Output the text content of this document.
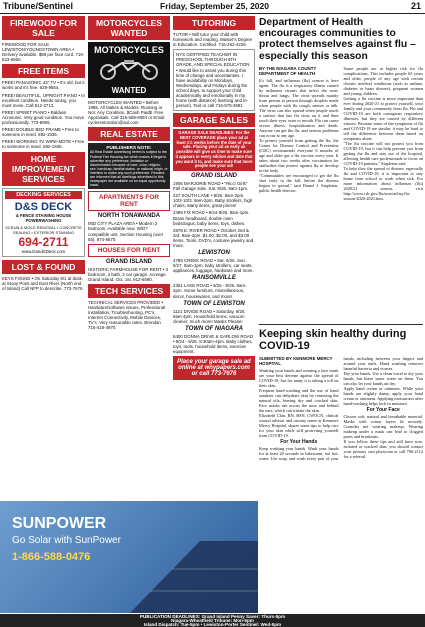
Tribune/Sentinel	Friday, September 25, 2020	21
FIREWOOD FOR SALE
FIREWOOD FOR SALE LEWISTON/YOUNGSTOWN AREA • Delivery available. $99 per face cord. 716-523-6660.
FREE ITEMS
FREE! PANASONIC 42" TV • It's old, but it works and it's free. 628-9654.
FREE! BEAUTIFUL, UPRIGHT PIANO • In excellent condition. Needs tuning, you must move. Call 512-2713.
FREE! SPINET PIANO • Baldwin Acrosonic. Very good condition. You move professionally. 773-8906.
FREE! DOUBLE BED FRAME • Free to someone in need. 692-1935.
FREE! WORKING TV WIRE-MOTE • Free to someone in need. 692-1935.
HOME IMPROVEMENT SERVICES
DECKING SERVICES
D&S DECK
& FENCE STAINING HOUSE POWERWASHING
SCRUB & MOLD REMOVAL • CONCRETE SEALING • EXTERIOR STAINING
694-2711
www.DandSDeck.com
LOST & FOUND
KEYS FOUND • On Saturday 8/1 at dusk, at Stony Point and East River (North end of Island) Call NFP to describe. 773-7676.
MOTORCYCLES WANTED
MOTORCYCLES
WANTED
MOTORCYCLES WANTED • Before 1985. All Makes & Models. Running or Not. Any Condition. $Cash Paid$. Free Appraisals. Call 315-569-8094 or Email cyclerestoration@aol.com
REAL ESTATE
PUBLISHERS NOTE:
All Real Estate advertising herein is subject to the Federal Fair Housing Act which makes it illegal to advertise any preference, limitation or discrimination because of race, color, religion, sex, handicap, familial status, or national origin, or intention to make any such preference. Readers are informed that all dwellings advertised in this newspaper are available on an equal opportunity basis.
APARTMENTS FOR RENT
NORTH TONAWANDA
MID CITY PLAZA AREA • Modern 2 bedroom. Available now. W/D? compatible unit. Section Housing (over 55). 874-6670.
HOUSES FOR RENT
GRAND ISLAND
HISTORIC FARMHOUSE FOR RENT • 3 bedroom, 2 bath, 2 car garage. Acreage. Grand Island. Oct. 1st. 912-6590.
TECH SERVICES
TECHNICAL SERVICES PROVIDED • Hardware/software issues, Professional Installation, Troubleshooting, PC's, Internet Connectivity, Mobile Devices, TV's. Very reasonable rates. Brendan 716-418-4970.
TUTORING
TUTOR • Will tutor your child with homework and reading. Master's Degree in Education. Certified. 716-262-4226.
NYS CERTIFIED TEACHER IN PRESCHOOL THROUGH 6TH GRADE, AND SPECIAL EDUCATION • Would like to assist you during this time of change and uncertainties. I have availability on Mondays, Wednesdays, and Fridays during the school days, to support your child academically and emotionally in my home (with distance) learning and in-person). Text or call 716-579-3691
GARAGE SALES
GARAGE SALE DEADLINES: For the BEST COVERAGE place your ad at least 1½ weeks before the date of your sale. Placing your ad as early as possible will give us time to make sure it appears in every edition and date that you want it to, and make sure that more people see your ad!
GRAND ISLAND
1906 MARJORIE ROAD • "Ricci Girls" Fall Garage Sale. Sat. 9/26. 9am-1pm.
227 SOUTH LANE • 9/26. 9am-2pm. 10/2-10/3. 9am-2pm. Baby strollers, high chairs, Many items, great prices!
2499 FIX ROAD • 9/24-9/26. 9am-1pm. Brass headboard, double oven bedstragus, baby items, toys, dishes.
2878 E. RIVER ROAD • October 2nd & 3rd. 9am-2pm. $1.00, $2.00, and $3.00 items. Tools, DVD's, costume jewelry and more.
LEWISTON
4786 CREEK ROAD • Sat. 9/26. Sun. 9/27. 8am-1pm. baby strollers, car seats, appliances, luggage, hardware and more.
RANSOMVILLE
2351 LAKE ROAD • 9/25 - 9/26. 8am-2pm. Some furniture, miscellaneous, decor, housewares, and more!
TOWN OF LEWISTON
1121 DIVIDE ROAD • Saturday, 9/26. 9am-4pm. Household items, vacuum cleaner, much more! Masks Please!
TOWN OF NIAGARA
8400 DONNA DRIVE & GARLOW ROAD • 9/24 - 9/26. 8:30am-4pm. Baby clothes, toys, tools, household items, exercise equipment.
Place your garage sale ad online at wnypapers.com or call 773-7676
SUNPOWER
Go Solar with SunPower
1-866-588-0476
Department of Health encourages communities to protect themselves against flu – especially this season
BY THE NIAGARA COUNTY DEPARTMENT OF HEALTH

It's fall, and influenza (flu) season is here again. The flu is a respiratory illness caused by influenza viruses that infect the nose, throat and lungs. The virus spreads mainly from person to person through droplets made when people with flu cough, sneeze or talk. The virus can also spread when people touch a surface that has flu virus on it and then touch their eyes, nose or mouth. Flu can cause severe illness, hospitalization and death. Anyone can get the flu, and serious problems can occur at any age.

To protect yourself from getting the flu, the Center for Disease Control and Prevention (CDC) recommends everyone 6 months of age and older get a flu vaccine every year. It takes about two weeks after vaccination for antibodies that protect against flu to develop in the body.

"Communities are encouraged to get the flu shot early in the fall, before the disease begins to spread," said Daniel J. Stapleton, public health director.

Some people are at higher risk for flu complications. This includes people 65 years and older, people of any age with certain chronic medical conditions (such as asthma, diabetes or heart disease), pregnant women and young children.

Getting a flu vaccine is more important than ever during 2020-21 to protect yourself, your family and your community from flu. Flu and COVID-19 are both contagious respiratory illnesses, but they are caused by different viruses. Because some of the symptoms of flu and COVID-19 are similar, it may be hard to tell the difference between them based on symptoms alone.

"The flu vaccine will not protect you from COVID-19, but it can help prevent you from getting the flu and stay out of the hospital, allowing health care professionals to focus on COVID-19 patients," Stapleton said.

To help slow the spread of disease, especially flu and COVID-19, it is important to stay home from school or work when sick. For more information about influenza (flu) 2020/21 season, visit http://www.cdc.gov/flu/season/faq-flu-season-2020-2021.htm.

Keeping skin healthy during COVID-19
SUBMITTED BY KENMORE MERCY HOSPITAL

Washing your hands and wearing a face mask are your best defense against the spread of COVID-19, but for many it is taking a toll on their skin.

Frequent hand-washing and the use of hand sanitizer can dehydrate skin by removing the natural oils, leaving dry and cracked skin. Face masks rub across the nose and behind the ears, which can irritate the skin.

Elizabeth Chin, RN, BSN, CWOCN, clinical wound advisor and ostomy nurse at Kenmore Mercy Hospital, shares some tips to help care for your skin while still protecting yourself from COVID-19.

For Your Hands

Keep washing your hands. Wash your hands for at least 20 seconds in lukewarm, not hot, water. Use soap, and wash every part of your hands, including between your fingers and around your nails. Hand washing removes harmful bacteria and viruses.

Dry your hands. Use a clean towel to dry your hands, but leave some water on them. You can also let your hands air dry.

Apply hand cream or ointment. While your hands are slightly damp, apply your hand cream or ointment. Applying moisturizer after hand-washing helps lock in moisture.

For Your Face

Choose soft, natural and breathable material. Masks with cotton layers fit securely. Consider not wearing makeup. Wearing makeup under a mask can lead to clogged pores and breakouts.

If you follow these tips and still have sore, irritated or cracked skin, you should contact your primary care physician or call 706-2112 for a referral.

PUBLICATION DEADLINES: Grand Island Penny Saver: Thurs-5pm
Niagara-Wheatfield Tribune: Mon-5pm
Island Dispatch: Tue-5pm • Lewiston-Porter Sentinel: Wed-5pm
